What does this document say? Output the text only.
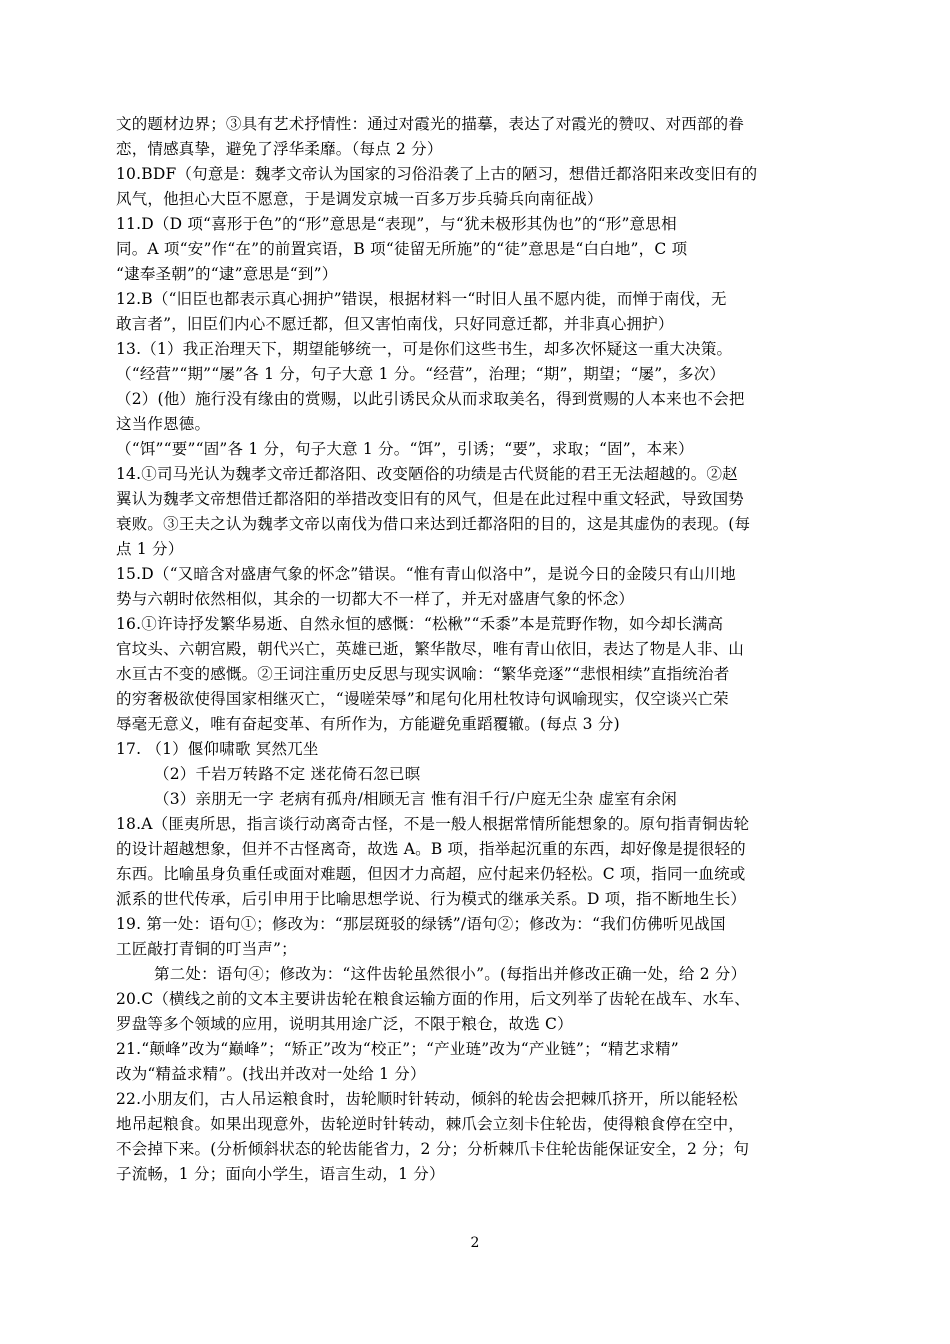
文的题材边界；③具有艺术抒情性：通过对霞光的描摹，表达了对霞光的赞叹、对西部的眷
恋，情感真挚，避免了浮华柔靡。（每点 2 分）
10.BDF（句意是：魏孝文帝认为国家的习俗沿袭了上古的陋习，想借迁都洛阳来改变旧有的
风气，他担心大臣不愿意，于是调发京城一百多万步兵骑兵向南征战）
11.D（D 项“喜形于色”的“形”意思是“表现”，与“犹未极形其伪也”的“形”意思相
同。A 项“安”作“在”的前置宾语，B 项“徒留无所施”的“徒”意思是“白白地”，C 项
“逮奉圣朝”的“逮”意思是“到”）
12.B（“旧臣也都表示真心拥护”错误，根据材料一“时旧人虽不愿内徙，而惮于南伐，无
敢言者”，旧臣们内心不愿迁都，但又害怕南伐，只好同意迁都，并非真心拥护）
13.（1）我正治理天下，期望能够统一，可是你们这些书生，却多次怀疑这一重大决策。
（“经营”“期”“屡”各 1 分，句子大意 1 分。“经营”，治理；“期”，期望；“屡”，多次）
（2）(他）施行没有缘由的赏赐，以此引诱民众从而求取美名，得到赏赐的人本来也不会把
这当作恩德。
（“饵”“要”“固”各 1 分，句子大意 1 分。“饵”，引诱；“要”，求取；“固”，本来）
14.①司马光认为魏孝文帝迁都洛阳、改变陋俗的功绩是古代贤能的君王无法超越的。②赵
翼认为魏孝文帝想借迁都洛阳的举措改变旧有的风气，但是在此过程中重文轻武，导致国势
衰败。③王夫之认为魏孝文帝以南伐为借口来达到迁都洛阳的目的，这是其虚伪的表现。(每
点 1 分）
15.D（“又暗含对盛唐气象的怀念”错误。“惟有青山似洛中”，是说今日的金陵只有山川地
势与六朝时依然相似，其余的一切都大不一样了，并无对盛唐气象的怀念）
16.①许诗抒发繁华易逝、自然永恒的感慨：“松楸”“禾黍”本是荒野作物，如今却长满高
官坟头、六朝宫殿，朝代兴亡，英雄已逝，繁华散尽，唯有青山依旧，表达了物是人非、山
水亘古不变的感慨。②王词注重历史反思与现实讽喻：“繁华竞逐”“悲恨相续”直指统治者
的穷奢极欲使得国家相继灭亡，“谩嗟荣辱”和尾句化用杜牧诗句讽喻现实，仅空谈兴亡荣
辱毫无意义，唯有奋起变革、有所作为，方能避免重蹈覆辙。(每点 3 分)
17. （1）偃仰啸歌 冥然兀坐
（2）千岩万转路不定 迷花倚石忽已暝
（3）亲朋无一字 老病有孤舟/相顾无言 惟有泪千行/户庭无尘杂 虚室有余闲
18.A（匪夷所思，指言谈行动离奇古怪，不是一般人根据常情所能想象的。原句指青铜齿轮
的设计超越想象，但并不古怪离奇，故选 A。B 项，指举起沉重的东西，却好像是提很轻的
东西。比喻虽身负重任或面对难题，但因才力高超，应付起来仍轻松。C 项，指同一血统或
派系的世代传承，后引申用于比喻思想学说、行为模式的继承关系。D 项，指不断地生长）
19. 第一处：语句①；修改为：“那层斑驳的绿锈”/语句②；修改为：“我们仿佛听见战国
工匠敲打青铜的叮当声”；
第二处：语句④；修改为：“这件齿轮虽然很小”。(每指出并修改正确一处，给 2 分）
20.C（横线之前的文本主要讲齿轮在粮食运输方面的作用，后文列举了齿轮在战车、水车、
罗盘等多个领域的应用，说明其用途广泛，不限于粮仓，故选 C）
21.“颠峰”改为“巅峰”；“矫正”改为“校正”；“产业琏”改为“产业链”；“精艺求精”
改为“精益求精”。(找出并改对一处给 1 分）
22.小朋友们，古人吊运粮食时，齿轮顺时针转动，倾斜的轮齿会把棘爪挤开，所以能轻松
地吊起粮食。如果出现意外，齿轮逆时针转动，棘爪会立刻卡住轮齿，使得粮食停在空中，
不会掉下来。(分析倾斜状态的轮齿能省力，2 分；分析棘爪卡住轮齿能保证安全，2 分；句
子流畅，1 分；面向小学生，语言生动，1 分）
2
